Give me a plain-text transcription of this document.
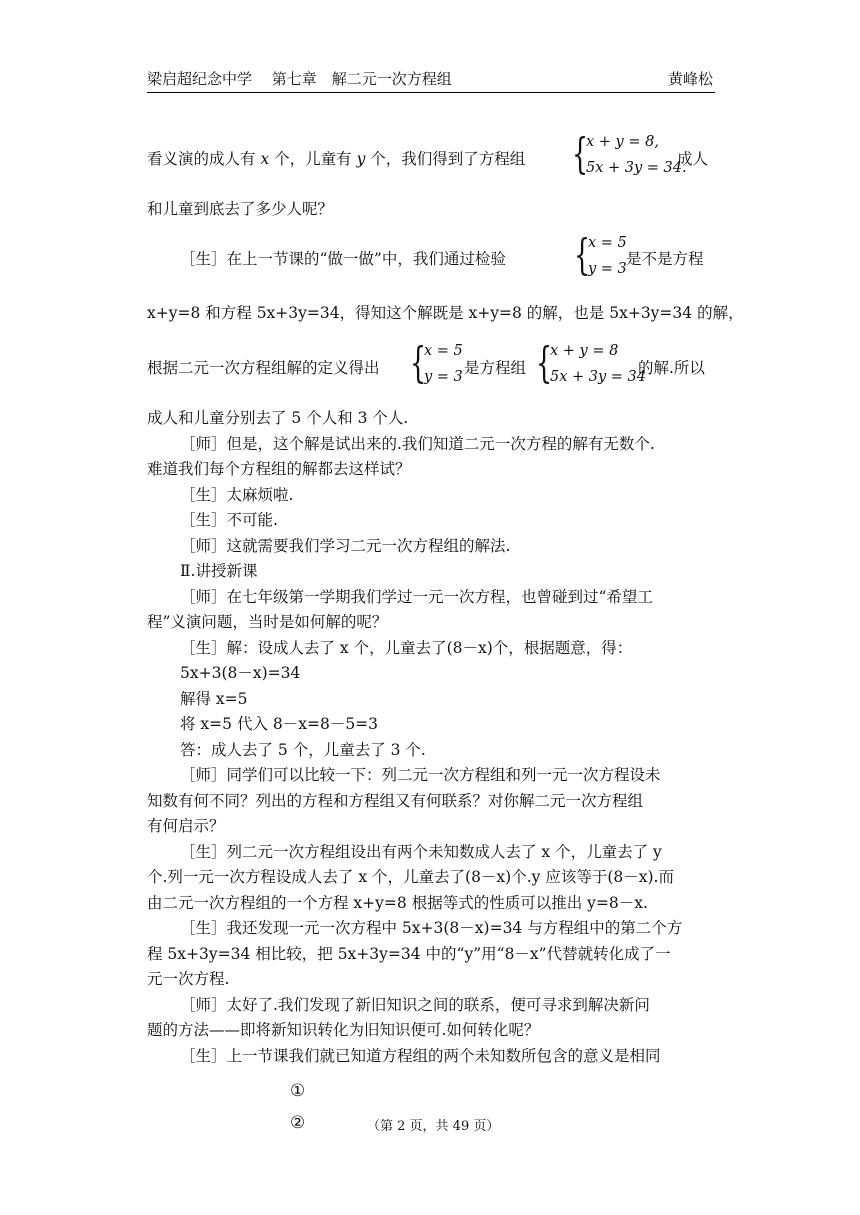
梁启超纪念中学　 第七章　解二元一次方程组	黄峰松
看义演的成人有 x 个，儿童有 y 个，我们得到了方程组 {
x + y = 8,
5x + 3y = 34.
成人
和儿童到底去了多少人呢？
［生］在上一节课的“做一做”中，我们通过检验 {
x = 5
y = 3
是不是方程
x+y=8 和方程 5x+3y=34，得知这个解既是 x+y=8 的解，也是 5x+3y=34 的解，
根据二元一次方程组解的定义得出 {
x = 5
y = 3 是方程组 {
x + y = 8
5x + 3y = 34
的解.所以
成人和儿童分别去了 5 个人和 3 个人.
［师］但是，这个解是试出来的.我们知道二元一次方程的解有无数个.
难道我们每个方程组的解都去这样试？
［生］太麻烦啦.
［生］不可能.
［师］这就需要我们学习二元一次方程组的解法.
Ⅱ.讲授新课
［师］在七年级第一学期我们学过一元一次方程，也曾碰到过“希望工
程”义演问题，当时是如何解的呢？
［生］解：设成人去了 x 个，儿童去了(8－x)个，根据题意，得：
5x+3(8－x)=34
解得 x=5
将 x=5 代入 8－x=8－5=3
答：成人去了 5 个，儿童去了 3 个.
［师］同学们可以比较一下：列二元一次方程组和列一元一次方程设未
知数有何不同？列出的方程和方程组又有何联系？对你解二元一次方程组
有何启示？
［生］列二元一次方程组设出有两个未知数成人去了 x 个，儿童去了 y
个.列一元一次方程设成人去了 x 个，儿童去了(8－x)个.y 应该等于(8－x).而
由二元一次方程组的一个方程 x+y=8 根据等式的性质可以推出 y=8－x.
［生］我还发现一元一次方程中 5x+3(8－x)=34 与方程组中的第二个方
程 5x+3y=34 相比较，把 5x+3y=34 中的“y”用“8－x”代替就转化成了一
元一次方程.
［师］太好了.我们发现了新旧知识之间的联系，便可寻求到解决新问
题的方法——即将新知识转化为旧知识便可.如何转化呢？
［生］上一节课我们就已知道方程组的两个未知数所包含的意义是相同
①
②	（第 2 页，共 49 页）
